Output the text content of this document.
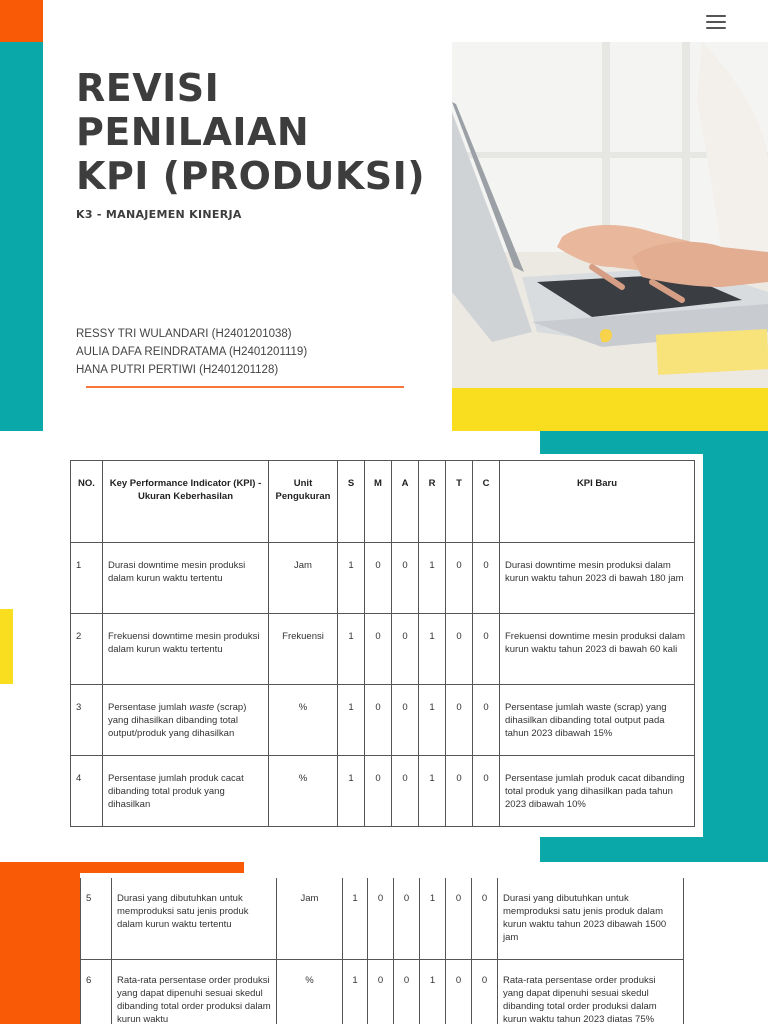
REVISI
PENILAIAN
KPI (PRODUKSI)
K3 - MANAJEMEN KINERJA
RESSY TRI WULANDARI (H2401201038)
AULIA DAFA REINDRATAMA (H2401201119)
HANA PUTRI PERTIWI (H2401201128)
NO.	Key Performance Indicator (KPI) - Ukuran Keberhasilan	Unit Pengukuran	S	M	A	R	T	C	KPI Baru

1	Durasi downtime mesin produksi dalam kurun waktu tertentu	Jam	1	0	0	1	0	0	Durasi downtime mesin produksi dalam kurun waktu tahun 2023 di bawah 180 jam

2	Frekuensi downtime mesin produksi dalam kurun waktu tertentu	Frekuensi	1	0	0	1	0	0	Frekuensi downtime mesin produksi dalam kurun waktu tahun 2023 di bawah 60 kali

3	Persentase jumlah waste (scrap) yang dihasilkan dibanding total output/produk yang dihasilkan	%	1	0	0	1	0	0	Persentase jumlah waste (scrap) yang dihasilkan dibanding total output pada tahun 2023 dibawah 15%

4	Persentase jumlah produk cacat dibanding total produk yang dihasilkan	%	1	0	0	1	0	0	Persentase jumlah produk cacat dibanding total produk yang dihasilkan pada tahun 2023 dibawah 10%
5	Durasi yang dibutuhkan untuk memproduksi satu jenis produk dalam kurun waktu tertentu	Jam	1	0	0	1	0	0	Durasi yang dibutuhkan untuk memproduksi satu jenis produk dalam kurun waktu tahun 2023 dibawah 1500 jam

6	Rata-rata persentase order produksi yang dapat dipenuhi sesuai skedul dibanding total order produksi dalam kurun waktu	%	1	0	0	1	0	0	Rata-rata persentase order produksi yang dapat dipenuhi sesuai skedul dibanding total order produksi dalam kurun waktu tahun 2023 diatas 75%
